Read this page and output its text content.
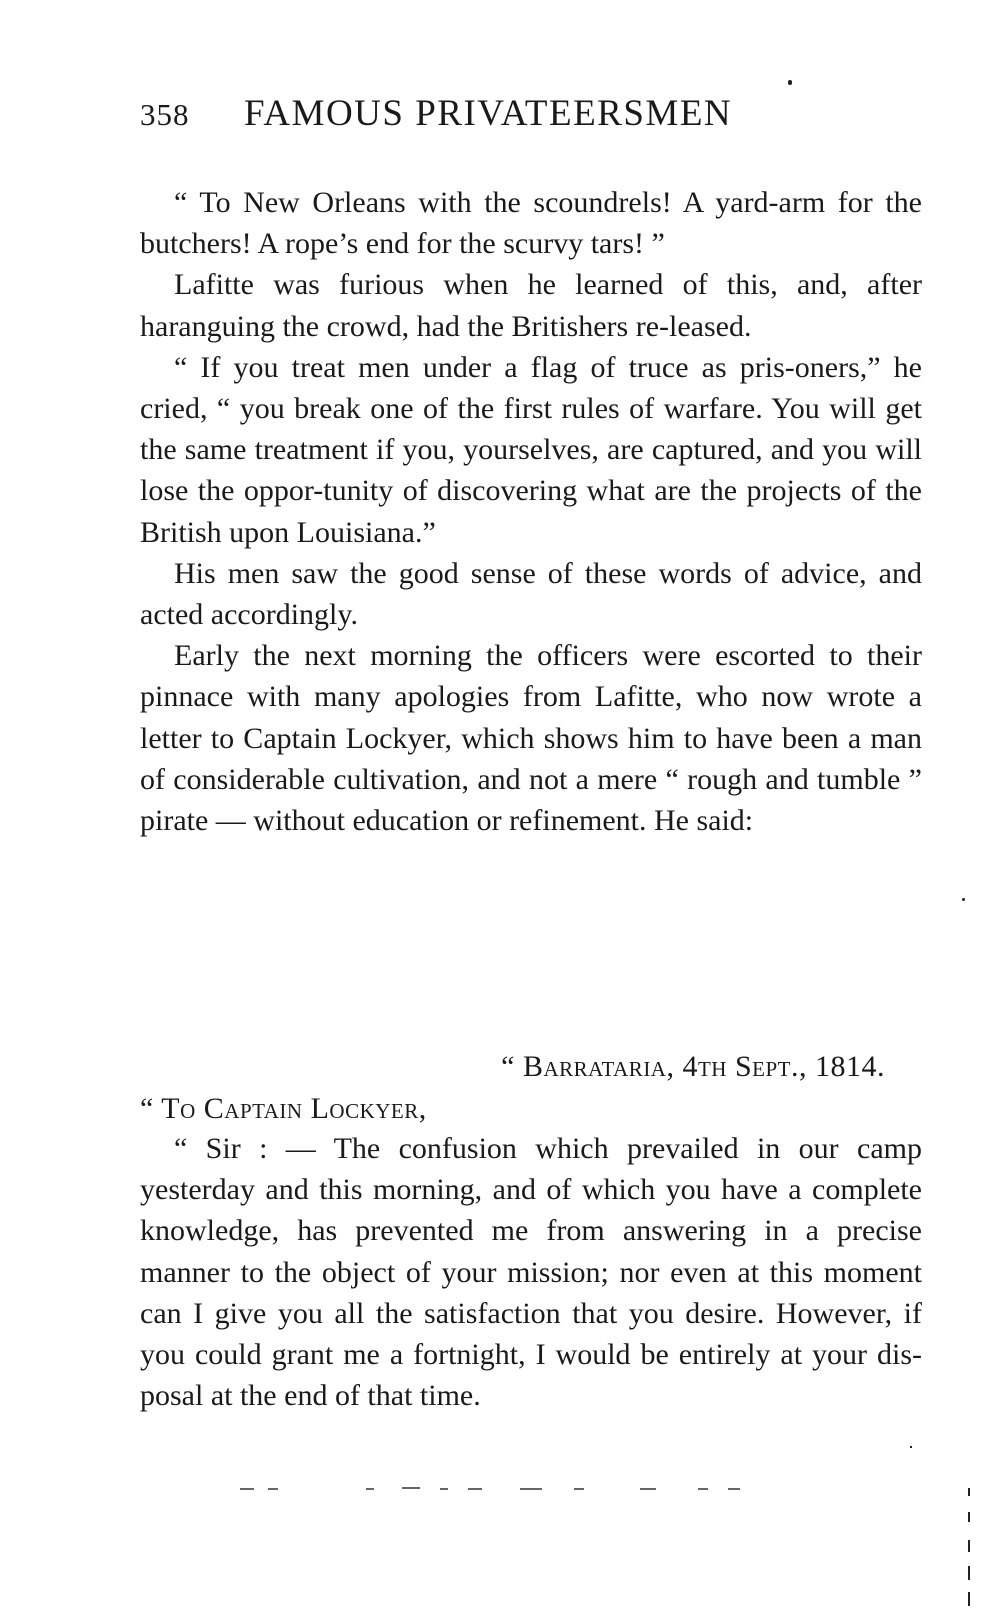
358 FAMOUS PRIVATEERSMEN

“ To New Orleans with the scoundrels! A yard-arm for the butchers! A rope’s end for the scurvy tars! ”

Lafitte was furious when he learned of this, and, after haranguing the crowd, had the Britishers re-leased.

“ If you treat men under a flag of truce as pris-oners,” he cried, “ you break one of the first rules of warfare. You will get the same treatment if you, yourselves, are captured, and you will lose the oppor-tunity of discovering what are the projects of the British upon Louisiana.”

His men saw the good sense of these words of advice, and acted accordingly.

Early the next morning the officers were escorted to their pinnace with many apologies from Lafitte, who now wrote a letter to Captain Lockyer, which shows him to have been a man of considerable cultivation, and not a mere “ rough and tumble ” pirate — without education or refinement. He said:

“ Barrataria, 4th Sept., 1814.
“ To Captain Lockyer,

“ Sir : — The confusion which prevailed in our camp yesterday and this morning, and of which you have a complete knowledge, has prevented me from answering in a precise manner to the object of your mission; nor even at this moment can I give you all the satisfaction that you desire. However, if you could grant me a fortnight, I would be entirely at your dis-posal at the end of that time.
